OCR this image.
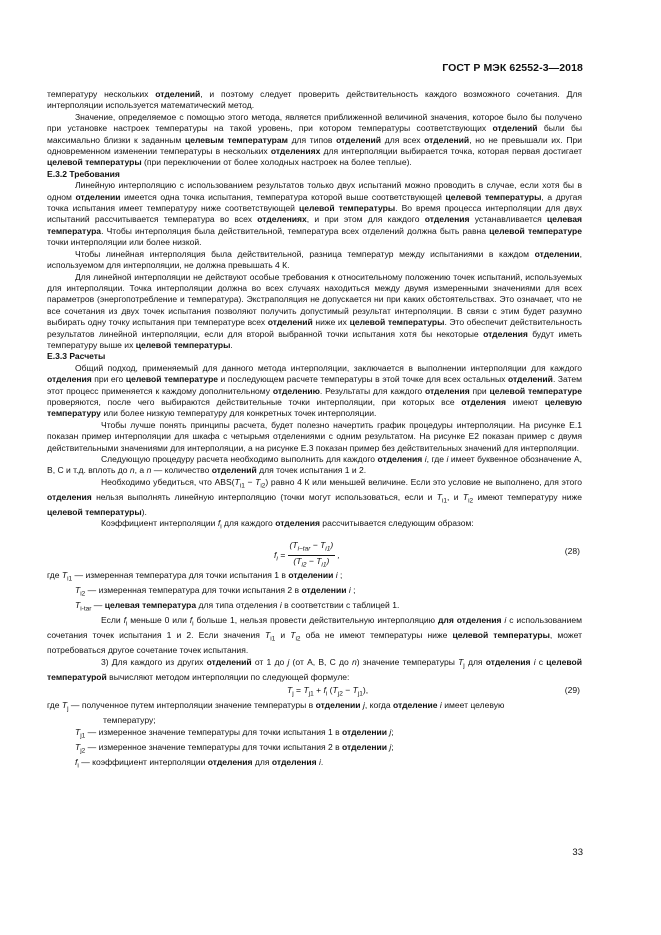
ГОСТ Р МЭК 62552-3—2018

температуру нескольких отделений, и поэтому следует проверить действительность каждого возможного сочетания. Для интерполяции используется математический метод.

Значение, определяемое с помощью этого метода, является приближенной величиной значения, которое было бы получено при установке настроек температуры на такой уровень, при котором температуры соответствующих отделений были бы максимально близки к заданным целевым температурам для типов отделений для всех отделений, но не превышали их. При одновременном изменении температуры в нескольких отделениях для интерполяции выбирается точка, которая первая достигает целевой температуры (при переключении от более холодных настроек на более теплые).

Е.3.2 Требования

Линейную интерполяцию с использованием результатов только двух испытаний можно проводить в случае, если хотя бы в одном отделении имеется одна точка испытания, температура которой выше соответствующей целевой температуры, а другая точка испытания имеет температуру ниже соответствующей целевой температуры. Во время процесса интерполяции для двух испытаний рассчитывается температура во всех отделениях, и при этом для каждого отделения устанавливается целевая температура. Чтобы интерполяция была действительной, температура всех отделений должна быть равна целевой температуре точки интерполяции или более низкой.

Чтобы линейная интерполяция была действительной, разница температур между испытаниями в каждом отделении, используемом для интерполяции, не должна превышать 4 К.

Для линейной интерполяции не действуют особые требования к относительному положению точек испытаний, используемых для интерполяции. Точка интерполяции должна во всех случаях находиться между двумя измеренными значениями для всех параметров (энергопотребление и температура). Экстраполяция не допускается ни при каких обстоятельствах. Это означает, что не все сочетания из двух точек испытания позволяют получить допустимый результат интерполяции. В связи с этим будет разумно выбирать одну точку испытания при температуре всех отделений ниже их целевой температуры. Это обеспечит действительность результатов линейной интерполяции, если для второй выбранной точки испытания хотя бы некоторые отделения будут иметь температуру выше их целевой температуры.

Е.3.3 Расчеты

Общий подход, применяемый для данного метода интерполяции, заключается в выполнении интерполяции для каждого отделения при его целевой температуре и последующем расчете температуры в этой точке для всех остальных отделений. Затем этот процесс применяется к каждому дополнительному отделению. Результаты для каждого отделения при целевой температуре проверяются, после чего выбираются действительные точки интерполяции, при которых все отделения имеют целевую температуру или более низкую температуру для конкретных точек интерполяции.

Чтобы лучше понять принципы расчета, будет полезно начертить график процедуры интерполяции. На рисунке Е.1 показан пример интерполяции для шкафа с четырьмя отделениями с одним результатом. На рисунке Е2 показан пример с двумя действительными значениями для интерполяции, а на рисунке Е.3 показан пример без действительных значений для интерполяции.

Следующую процедуру расчета необходимо выполнить для каждого отделения i, где i имеет буквенное обозначение А, В, С и т.д. вплоть до n, а n — количество отделений для точек испытания 1 и 2.

Необходимо убедиться, что $ABS(T_{i1} - T_{i2})$ равно 4 К или меньшей величине. Если это условие не выполнено, для этого отделения нельзя выполнять линейную интерполяцию (точки могут использоваться, если и $T_{i1}$, и $T_{i2}$ имеют температуру ниже целевой температуры).

Коэффициент интерполяции $f_i$ для каждого отделения рассчитывается следующим образом:

$f_i = \frac{(T_{i-tar} - T_{i1})}{(T_{i2} - T_{i1})}$ ,	(28)

где $T_{i1}$ — измеренная температура для точки испытания 1 в отделении i ;

$T_{i2}$ — измеренная температура для точки испытания 2 в отделении i ;

$T_{i-tar}$ — целевая температура для типа отделения i в соответствии с таблицей 1.

Если $f_i$ меньше 0 или $f_i$ больше 1, нельзя провести действительную интерполяцию для отделения i с использованием сочетания точек испытания 1 и 2. Если значения $T_{i1}$ и $T_{i2}$ оба не имеют температуры ниже целевой температуры, может потребоваться другое сочетание точек испытания.

3) Для каждого из других отделений от 1 до j (от А, В, С до n) значение температуры $T_j$ для отделения i с целевой температурой вычисляют методом интерполяции по следующей формуле:

$T_j = T_{j1} + f_i$ $(T_{j2} - T_{j1})$,	(29)

где $T_j$ — полученное путем интерполяции значение температуры в отделении j, когда отделение i имеет целевую

температуру;

$T_{j1}$ — измеренное значение температуры для точки испытания 1 в отделении j;

$T_{j2}$ — измеренное значение температуры для точки испытания 2 в отделении j;

$f_i$ — коэффициент интерполяции отделения для отделения i.

33
